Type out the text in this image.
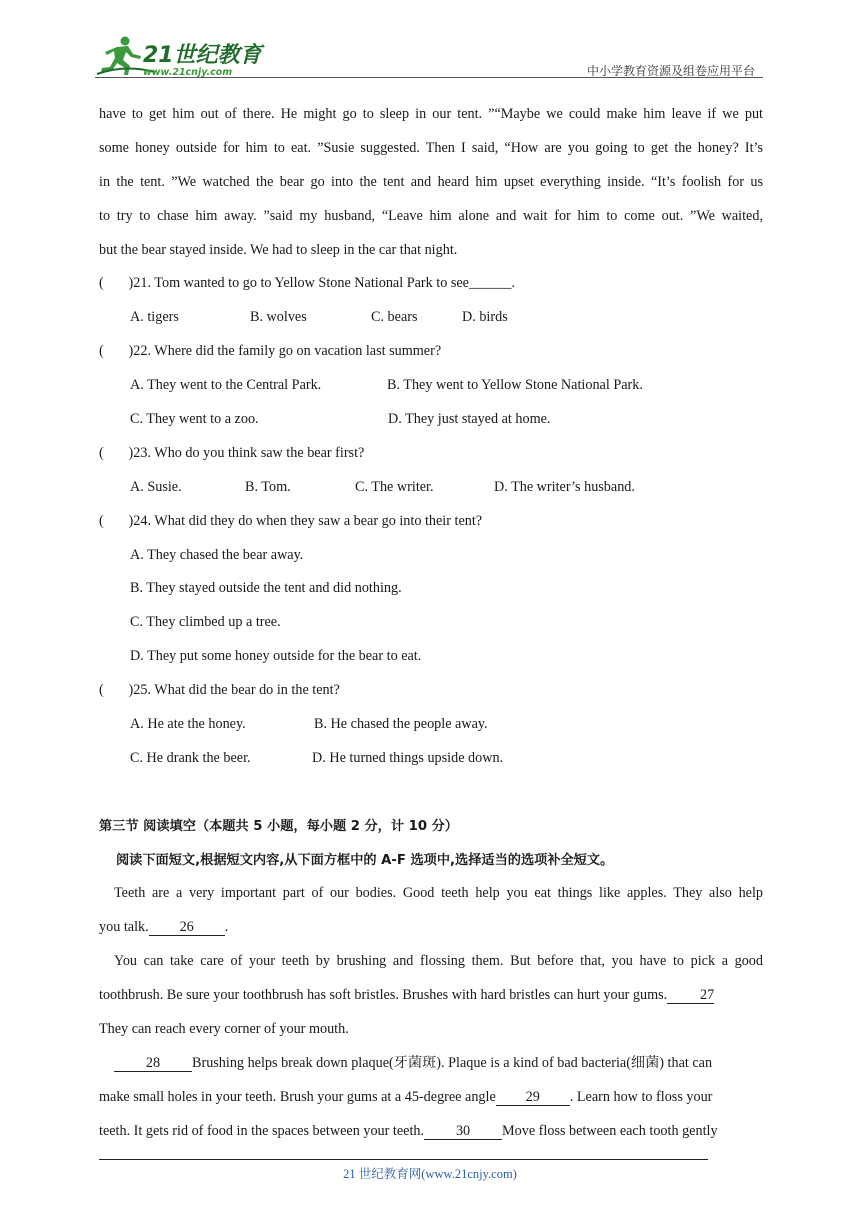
21世纪教育
www.21cnjy.com	中小学教育资源及组卷应用平台
have to get him out of there. He might go to sleep in our tent. ”“Maybe we could make him leave if we put
some honey outside for him to eat. ”Susie suggested. Then I said, “How are you going to get the honey? It’s
in the tent. ”We watched the bear go into the tent and heard him upset everything inside. “It’s foolish for us
to try to chase him away. ”said my husband, “Leave him alone and wait for him to come out. ”We waited,
but the bear stayed inside. We had to sleep in the car that night.
(       )21. Tom wanted to go to Yellow Stone National Park to see______.
A. tigers	B. wolves	C. bears	D. birds
(       )22. Where did the family go on vacation last summer?
A. They went to the Central Park.	B. They went to Yellow Stone National Park.
C. They went to a zoo.	D. They just stayed at home.
(       )23. Who do you think saw the bear first?
A. Susie.	B. Tom.	C. The writer.	D. The writer’s husband.
(       )24. What did they do when they saw a bear go into their tent?
A. They chased the bear away.
B. They stayed outside the tent and did nothing.
C. They climbed up a tree.
D. They put some honey outside for the bear to eat.
(       )25. What did the bear do in the tent?
A. He ate the honey.	B. He chased the people away.
C. He drank the beer.	D. He turned things upside down.
第三节 阅读填空（本题共 5 小题，每小题 2 分，计 10 分）
阅读下面短文,根据短文内容,从下面方框中的 A-F 选项中,选择适当的选项补全短文。
Teeth are a very important part of our bodies. Good teeth help you eat things like apples. They also help
you talk. 26 .
You can take care of your teeth by brushing and flossing them. But before that, you have to pick a good
toothbrush. Be sure your toothbrush has soft bristles. Brushes with hard bristles can hurt your gums. 27
They can reach every corner of your mouth.
28 Brushing helps break down plaque(牙菌斑). Plaque is a kind of bad bacteria(细菌) that can
make small holes in your teeth. Brush your gums at a 45-degree angle 29 . Learn how to floss your
teeth. It gets rid of food in the spaces between your teeth. 30 Move floss between each tooth gently
21 世纪教育网(www.21cnjy.com)
